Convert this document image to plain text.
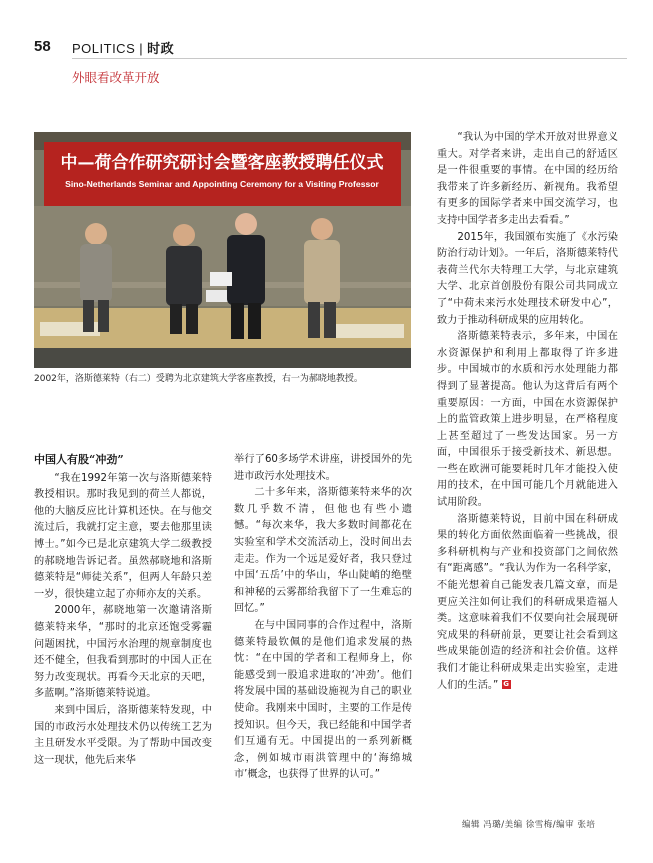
58 POLITICS | 时政
外眼看改革开放
中—荷合作研究研讨会暨客座教授聘任仪式
Sino-Netherlands Seminar and Appointing Ceremony for a Visiting Professor
2002年，洛斯德莱特（右二）受聘为北京建筑大学客座教授，右一为郝晓地教授。

中国人有股“冲劲”

“我在1992年第一次与洛斯德莱特教授相识。那时我见到的荷兰人都说，他的大脑反应比计算机还快。在与他交流过后，我就打定主意，要去他那里读博士。”如今已是北京建筑大学二级教授的郝晓地告诉记者。虽然郝晓地和洛斯德莱特是“师徒关系”，但两人年龄只差一岁，很快建立起了亦师亦友的关系。

2000年，郝晓地第一次邀请洛斯德莱特来华，“那时的北京还饱受雾霾问题困扰，中国污水治理的规章制度也还不健全，但我看到那时的中国人正在努力改变现状。再看今天北京的天吧，多蓝啊。”洛斯德莱特说道。

来到中国后，洛斯德莱特发现，中国的市政污水处理技术仍以传统工艺为主且研发水平受限。为了帮助中国改变这一现状，他先后来华

举行了60多场学术讲座，讲授国外的先进市政污水处理技术。

二十多年来，洛斯德莱特来华的次数几乎数不清，但他也有些小遗憾。“每次来华，我大多数时间都花在实验室和学术交流活动上，没时间出去走走。作为一个远足爱好者，我只登过中国‘五岳’中的华山，华山陡峭的绝壁和神秘的云雾都给我留下了一生难忘的回忆。”

在与中国同事的合作过程中，洛斯德莱特最钦佩的是他们追求发展的热忱：“在中国的学者和工程师身上，你能感受到一股追求进取的‘冲劲’。他们将发展中国的基础设施视为自己的职业使命。我刚来中国时，主要的工作是传授知识。但今天，我已经能和中国学者们互通有无。中国提出的一系列新概念，例如城市雨洪管理中的‘海绵城市’概念，也获得了世界的认可。”

“我认为中国的学术开放对世界意义重大。对学者来讲，走出自己的舒适区是一件很重要的事情。在中国的经历给我带来了许多新经历、新视角。我希望有更多的国际学者来中国交流学习，也支持中国学者多走出去看看。”

2015年，我国颁布实施了《水污染防治行动计划》。一年后，洛斯德莱特代表荷兰代尔夫特理工大学，与北京建筑大学、北京首创股份有限公司共同成立了“中荷未来污水处理技术研发中心”，致力于推动科研成果的应用转化。

洛斯德莱特表示，多年来，中国在水资源保护和利用上都取得了许多进步。中国城市的水质和污水处理能力都得到了显著提高。他认为这背后有两个重要原因：一方面，中国在水资源保护上的监管政策上进步明显，在严格程度上甚至超过了一些发达国家。另一方面，中国很乐于接受新技术、新思想。一些在欧洲可能要耗时几年才能投入使用的技术，在中国可能几个月就能进入试用阶段。

洛斯德莱特说，目前中国在科研成果的转化方面依然面临着一些挑战，很多科研机构与产业和投资部门之间依然有“距离感”。“我认为作为一名科学家，不能光想着自己能发表几篇文章，而是更应关注如何让我们的科研成果造福人类。这意味着我们不仅要向社会展现研究成果的科研前景，更要让社会看到这些成果能创造的经济和社会价值。这样我们才能让科研成果走出实验室，走进人们的生活。” G

编辑 冯璐/美编 徐雪梅/编审 张培
